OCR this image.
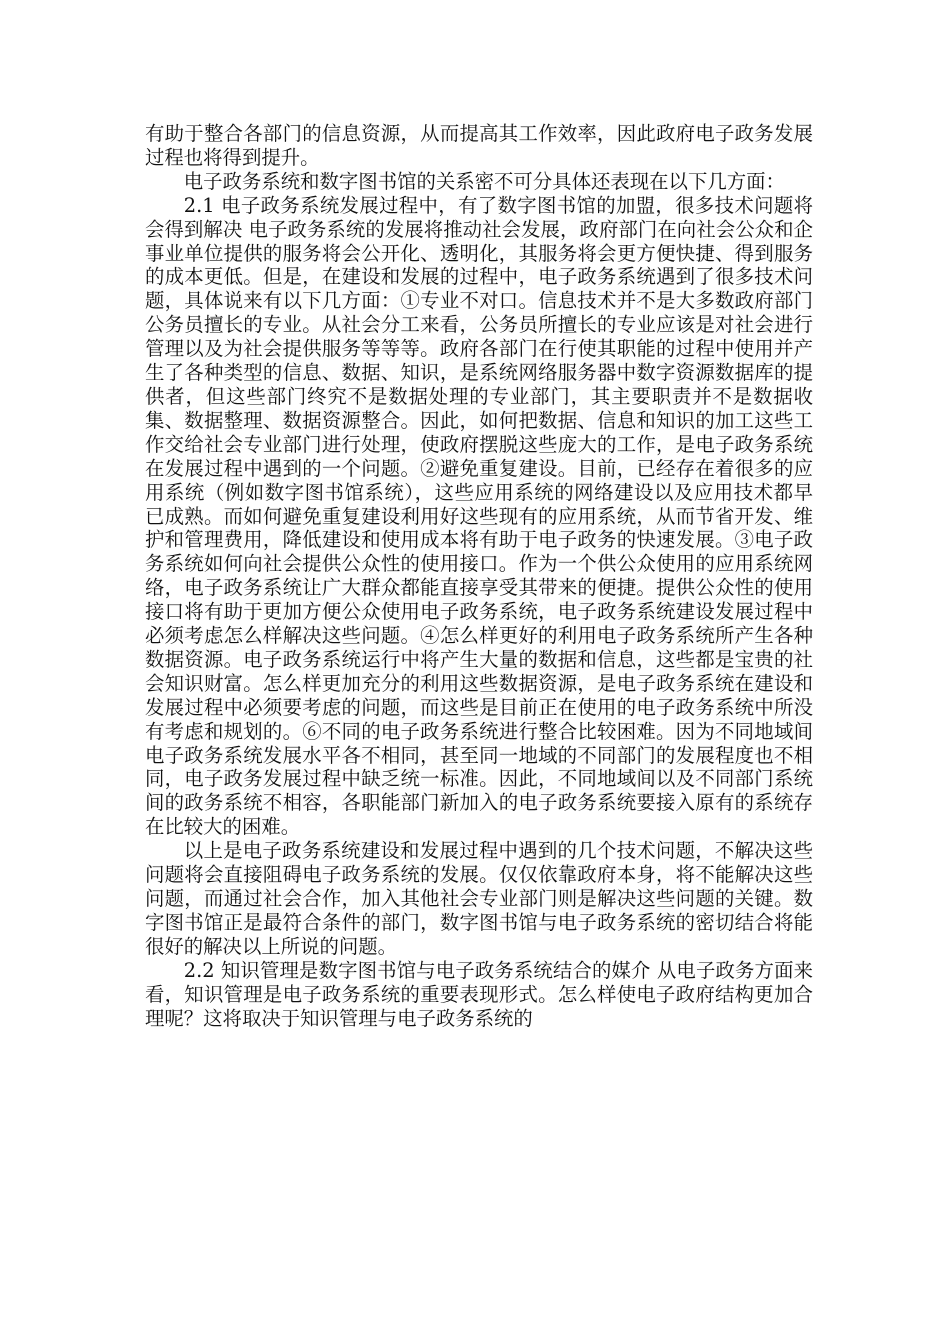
有助于整合各部门的信息资源，从而提高其工作效率，因此政府电子政务发展过程也将得到提升。

电子政务系统和数字图书馆的关系密不可分具体还表现在以下几方面：

2.1 电子政务系统发展过程中，有了数字图书馆的加盟，很多技术问题将会得到解决 电子政务系统的发展将推动社会发展，政府部门在向社会公众和企事业单位提供的服务将会公开化、透明化，其服务将会更方便快捷、得到服务的成本更低。但是，在建设和发展的过程中，电子政务系统遇到了很多技术问题，具体说来有以下几方面：①专业不对口。信息技术并不是大多数政府部门公务员擅长的专业。从社会分工来看，公务员所擅长的专业应该是对社会进行管理以及为社会提供服务等等等。政府各部门在行使其职能的过程中使用并产生了各种类型的信息、数据、知识，是系统网络服务器中数字资源数据库的提供者，但这些部门终究不是数据处理的专业部门，其主要职责并不是数据收集、数据整理、数据资源整合。因此，如何把数据、信息和知识的加工这些工作交给社会专业部门进行处理，使政府摆脱这些庞大的工作，是电子政务系统在发展过程中遇到的一个问题。②避免重复建设。目前，已经存在着很多的应用系统（例如数字图书馆系统），这些应用系统的网络建设以及应用技术都早已成熟。而如何避免重复建设利用好这些现有的应用系统，从而节省开发、维护和管理费用，降低建设和使用成本将有助于电子政务的快速发展。③电子政务系统如何向社会提供公众性的使用接口。作为一个供公众使用的应用系统网络，电子政务系统让广大群众都能直接享受其带来的便捷。提供公众性的使用接口将有助于更加方便公众使用电子政务系统，电子政务系统建设发展过程中必须考虑怎么样解决这些问题。④怎么样更好的利用电子政务系统所产生各种数据资源。电子政务系统运行中将产生大量的数据和信息，这些都是宝贵的社会知识财富。怎么样更加充分的利用这些数据资源，是电子政务系统在建设和发展过程中必须要考虑的问题，而这些是目前正在使用的电子政务系统中所没有考虑和规划的。⑥不同的电子政务系统进行整合比较困难。因为不同地域间电子政务系统发展水平各不相同，甚至同一地域的不同部门的发展程度也不相同，电子政务发展过程中缺乏统一标准。因此，不同地域间以及不同部门系统间的政务系统不相容，各职能部门新加入的电子政务系统要接入原有的系统存在比较大的困难。

以上是电子政务系统建设和发展过程中遇到的几个技术问题，不解决这些问题将会直接阻碍电子政务系统的发展。仅仅依靠政府本身，将不能解决这些问题，而通过社会合作，加入其他社会专业部门则是解决这些问题的关键。数字图书馆正是最符合条件的部门，数字图书馆与电子政务系统的密切结合将能很好的解决以上所说的问题。

2.2 知识管理是数字图书馆与电子政务系统结合的媒介 从电子政务方面来看，知识管理是电子政务系统的重要表现形式。怎么样使电子政府结构更加合理呢？这将取决于知识管理与电子政务系统的
